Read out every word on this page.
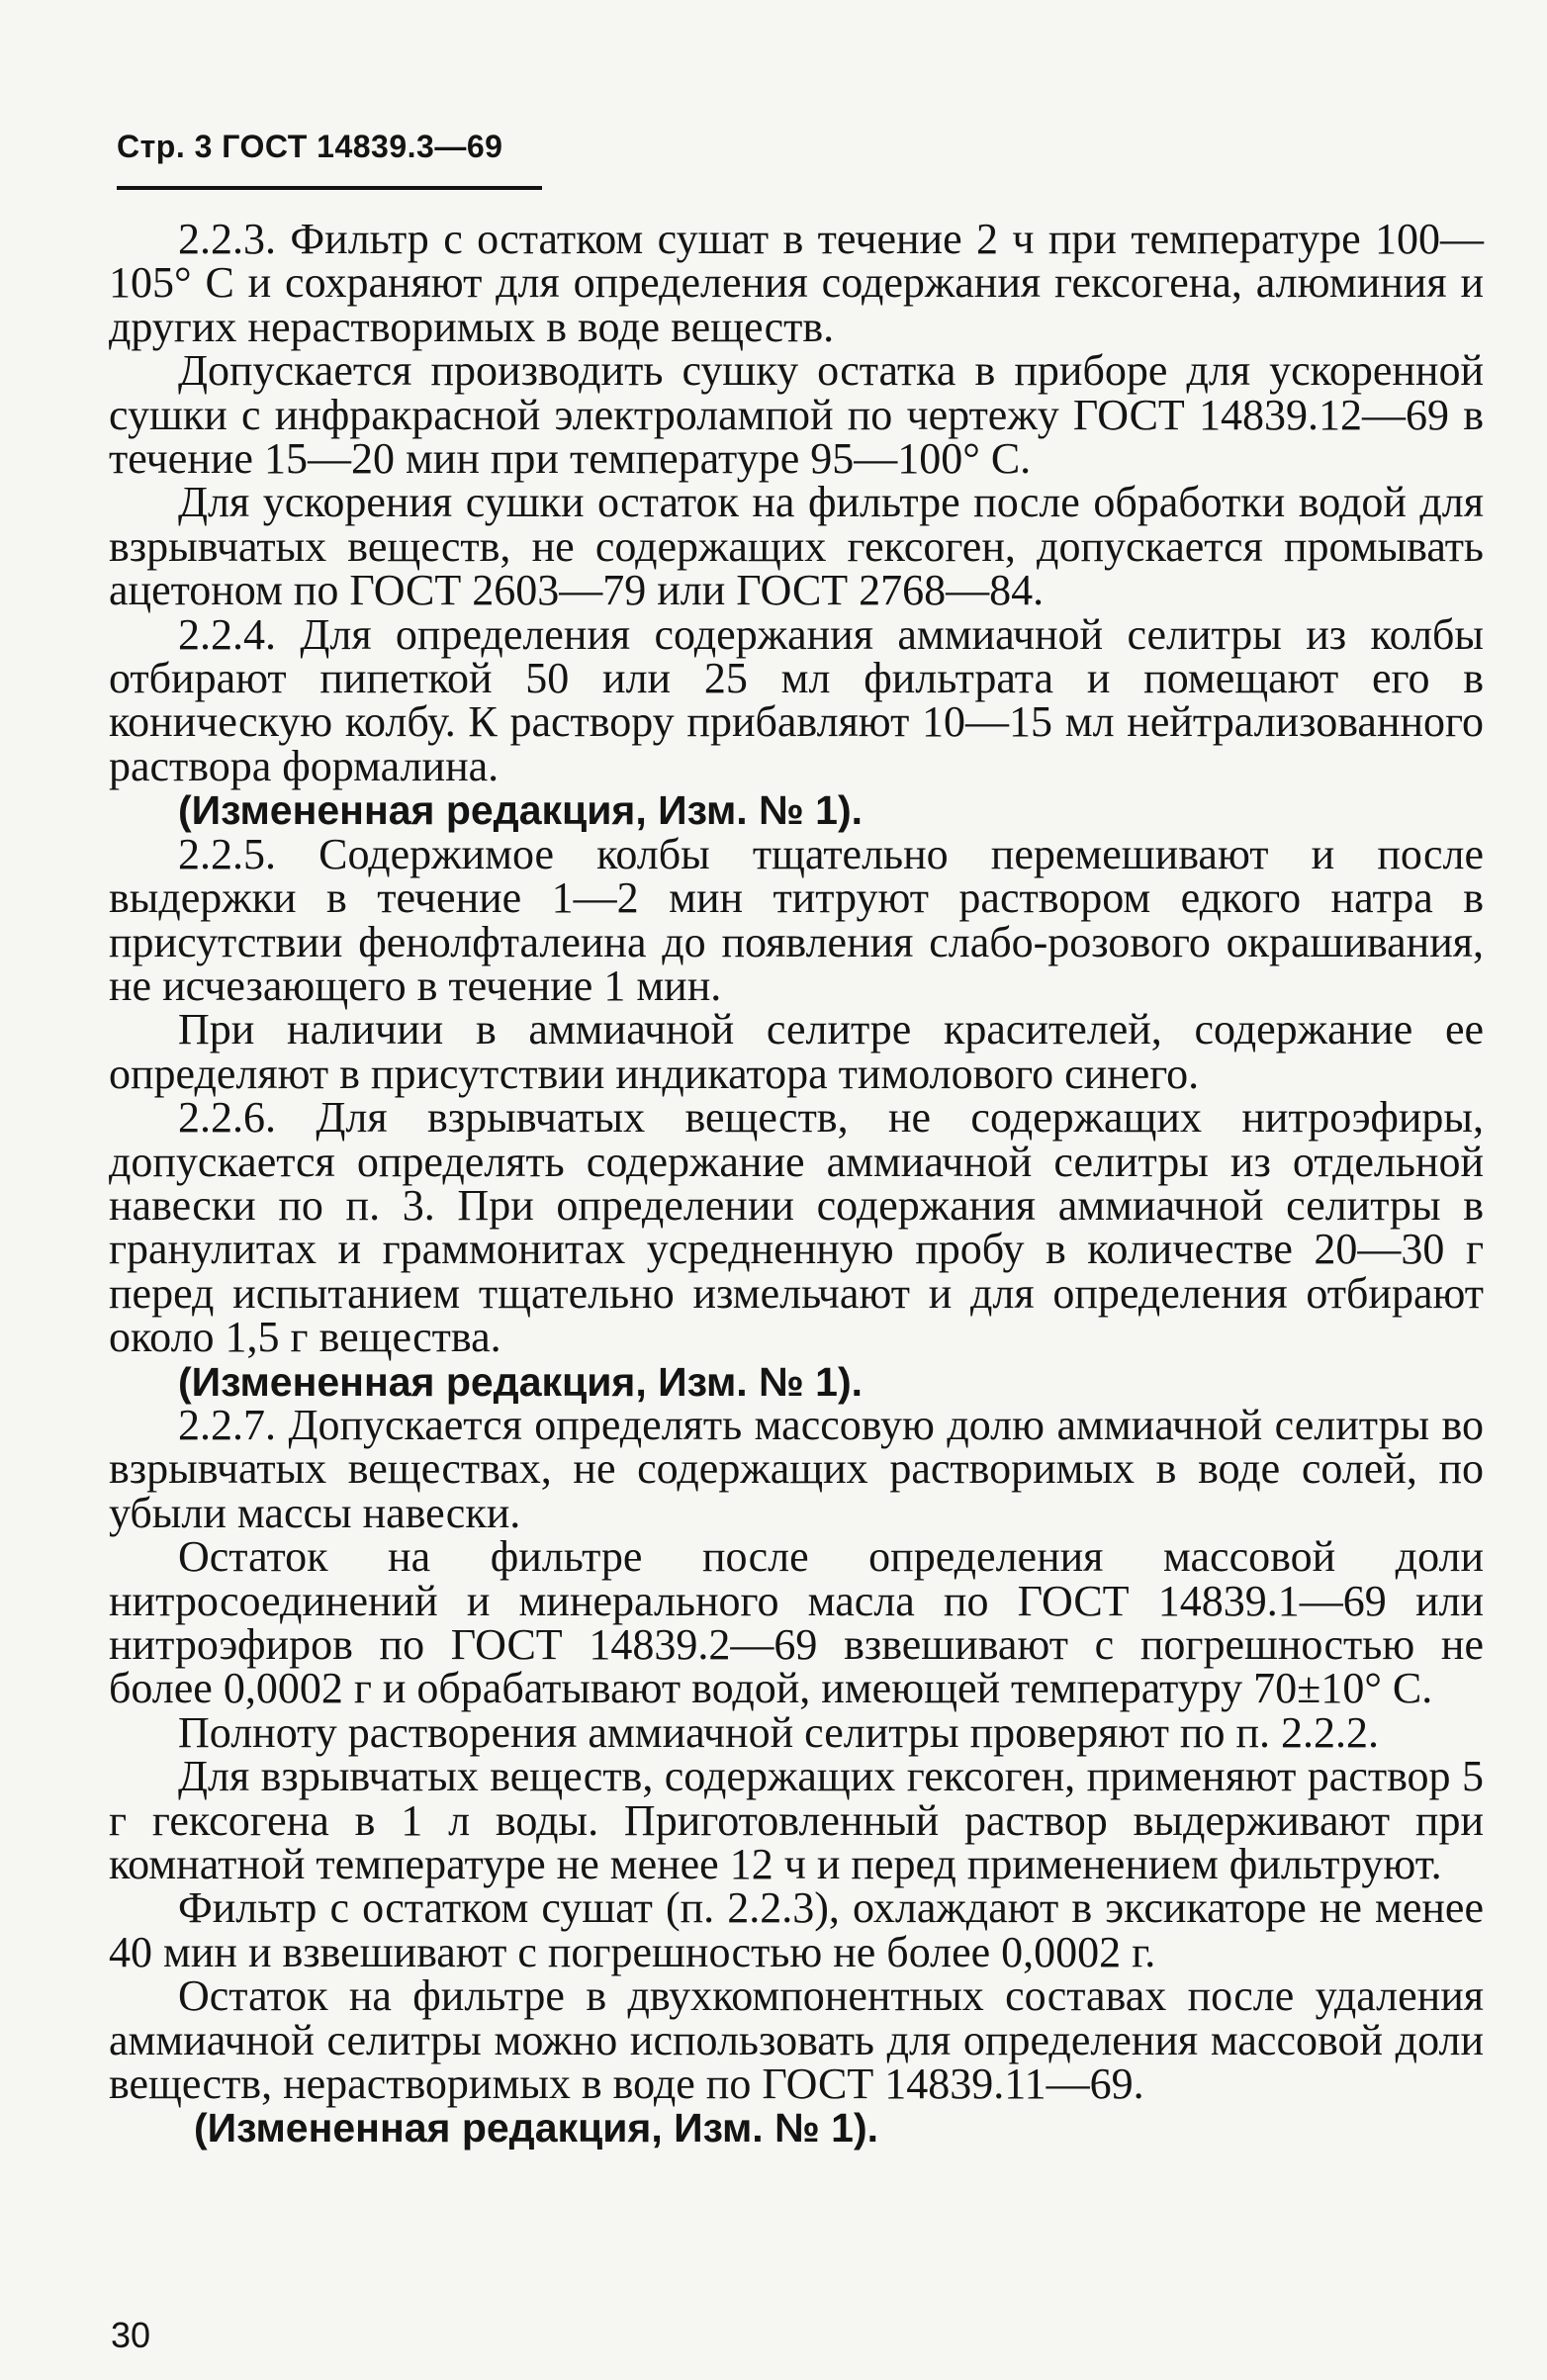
Стр. 3 ГОСТ 14839.3—69

2.2.3. Фильтр с остатком сушат в течение 2 ч при температуре 100—105° С и сохраняют для определения содержания гексогена, алюминия и других нерастворимых в воде веществ.

Допускается производить сушку остатка в приборе для ускоренной сушки с инфракрасной электролампой по чертежу ГОСТ 14839.12—69 в течение 15—20 мин при температуре 95—100° С.

Для ускорения сушки остаток на фильтре после обработки водой для взрывчатых веществ, не содержащих гексоген, допускается промывать ацетоном по ГОСТ 2603—79 или ГОСТ 2768—84.

2.2.4. Для определения содержания аммиачной селитры из колбы отбирают пипеткой 50 или 25 мл фильтрата и помещают его в коническую колбу. К раствору прибавляют 10—15 мл нейтрализованного раствора формалина.

(Измененная редакция, Изм. № 1).

2.2.5. Содержимое колбы тщательно перемешивают и после выдержки в течение 1—2 мин титруют раствором едкого натра в присутствии фенолфталеина до появления слабо-розового окрашивания, не исчезающего в течение 1 мин.

При наличии в аммиачной селитре красителей, содержание ее определяют в присутствии индикатора тимолового синего.

2.2.6. Для взрывчатых веществ, не содержащих нитроэфиры, допускается определять содержание аммиачной селитры из отдельной навески по п. 3. При определении содержания аммиачной селитры в гранулитах и граммонитах усредненную пробу в количестве 20—30 г перед испытанием тщательно измельчают и для определения отбирают около 1,5 г вещества.

(Измененная редакция, Изм. № 1).

2.2.7. Допускается определять массовую долю аммиачной селитры во взрывчатых веществах, не содержащих растворимых в воде солей, по убыли массы навески.

Остаток на фильтре после определения массовой доли нитросоединений и минерального масла по ГОСТ 14839.1—69 или нитроэфиров по ГОСТ 14839.2—69 взвешивают с погрешностью не более 0,0002 г и обрабатывают водой, имеющей температуру 70±10° С.

Полноту растворения аммиачной селитры проверяют по п. 2.2.2.

Для взрывчатых веществ, содержащих гексоген, применяют раствор 5 г гексогена в 1 л воды. Приготовленный раствор выдерживают при комнатной температуре не менее 12 ч и перед применением фильтруют.

Фильтр с остатком сушат (п. 2.2.3), охлаждают в эксикаторе не менее 40 мин и взвешивают с погрешностью не более 0,0002 г.

Остаток на фильтре в двухкомпонентных составах после удаления аммиачной селитры можно использовать для определения массовой доли веществ, нерастворимых в воде по ГОСТ 14839.11—69.

(Измененная редакция, Изм. № 1).

30
